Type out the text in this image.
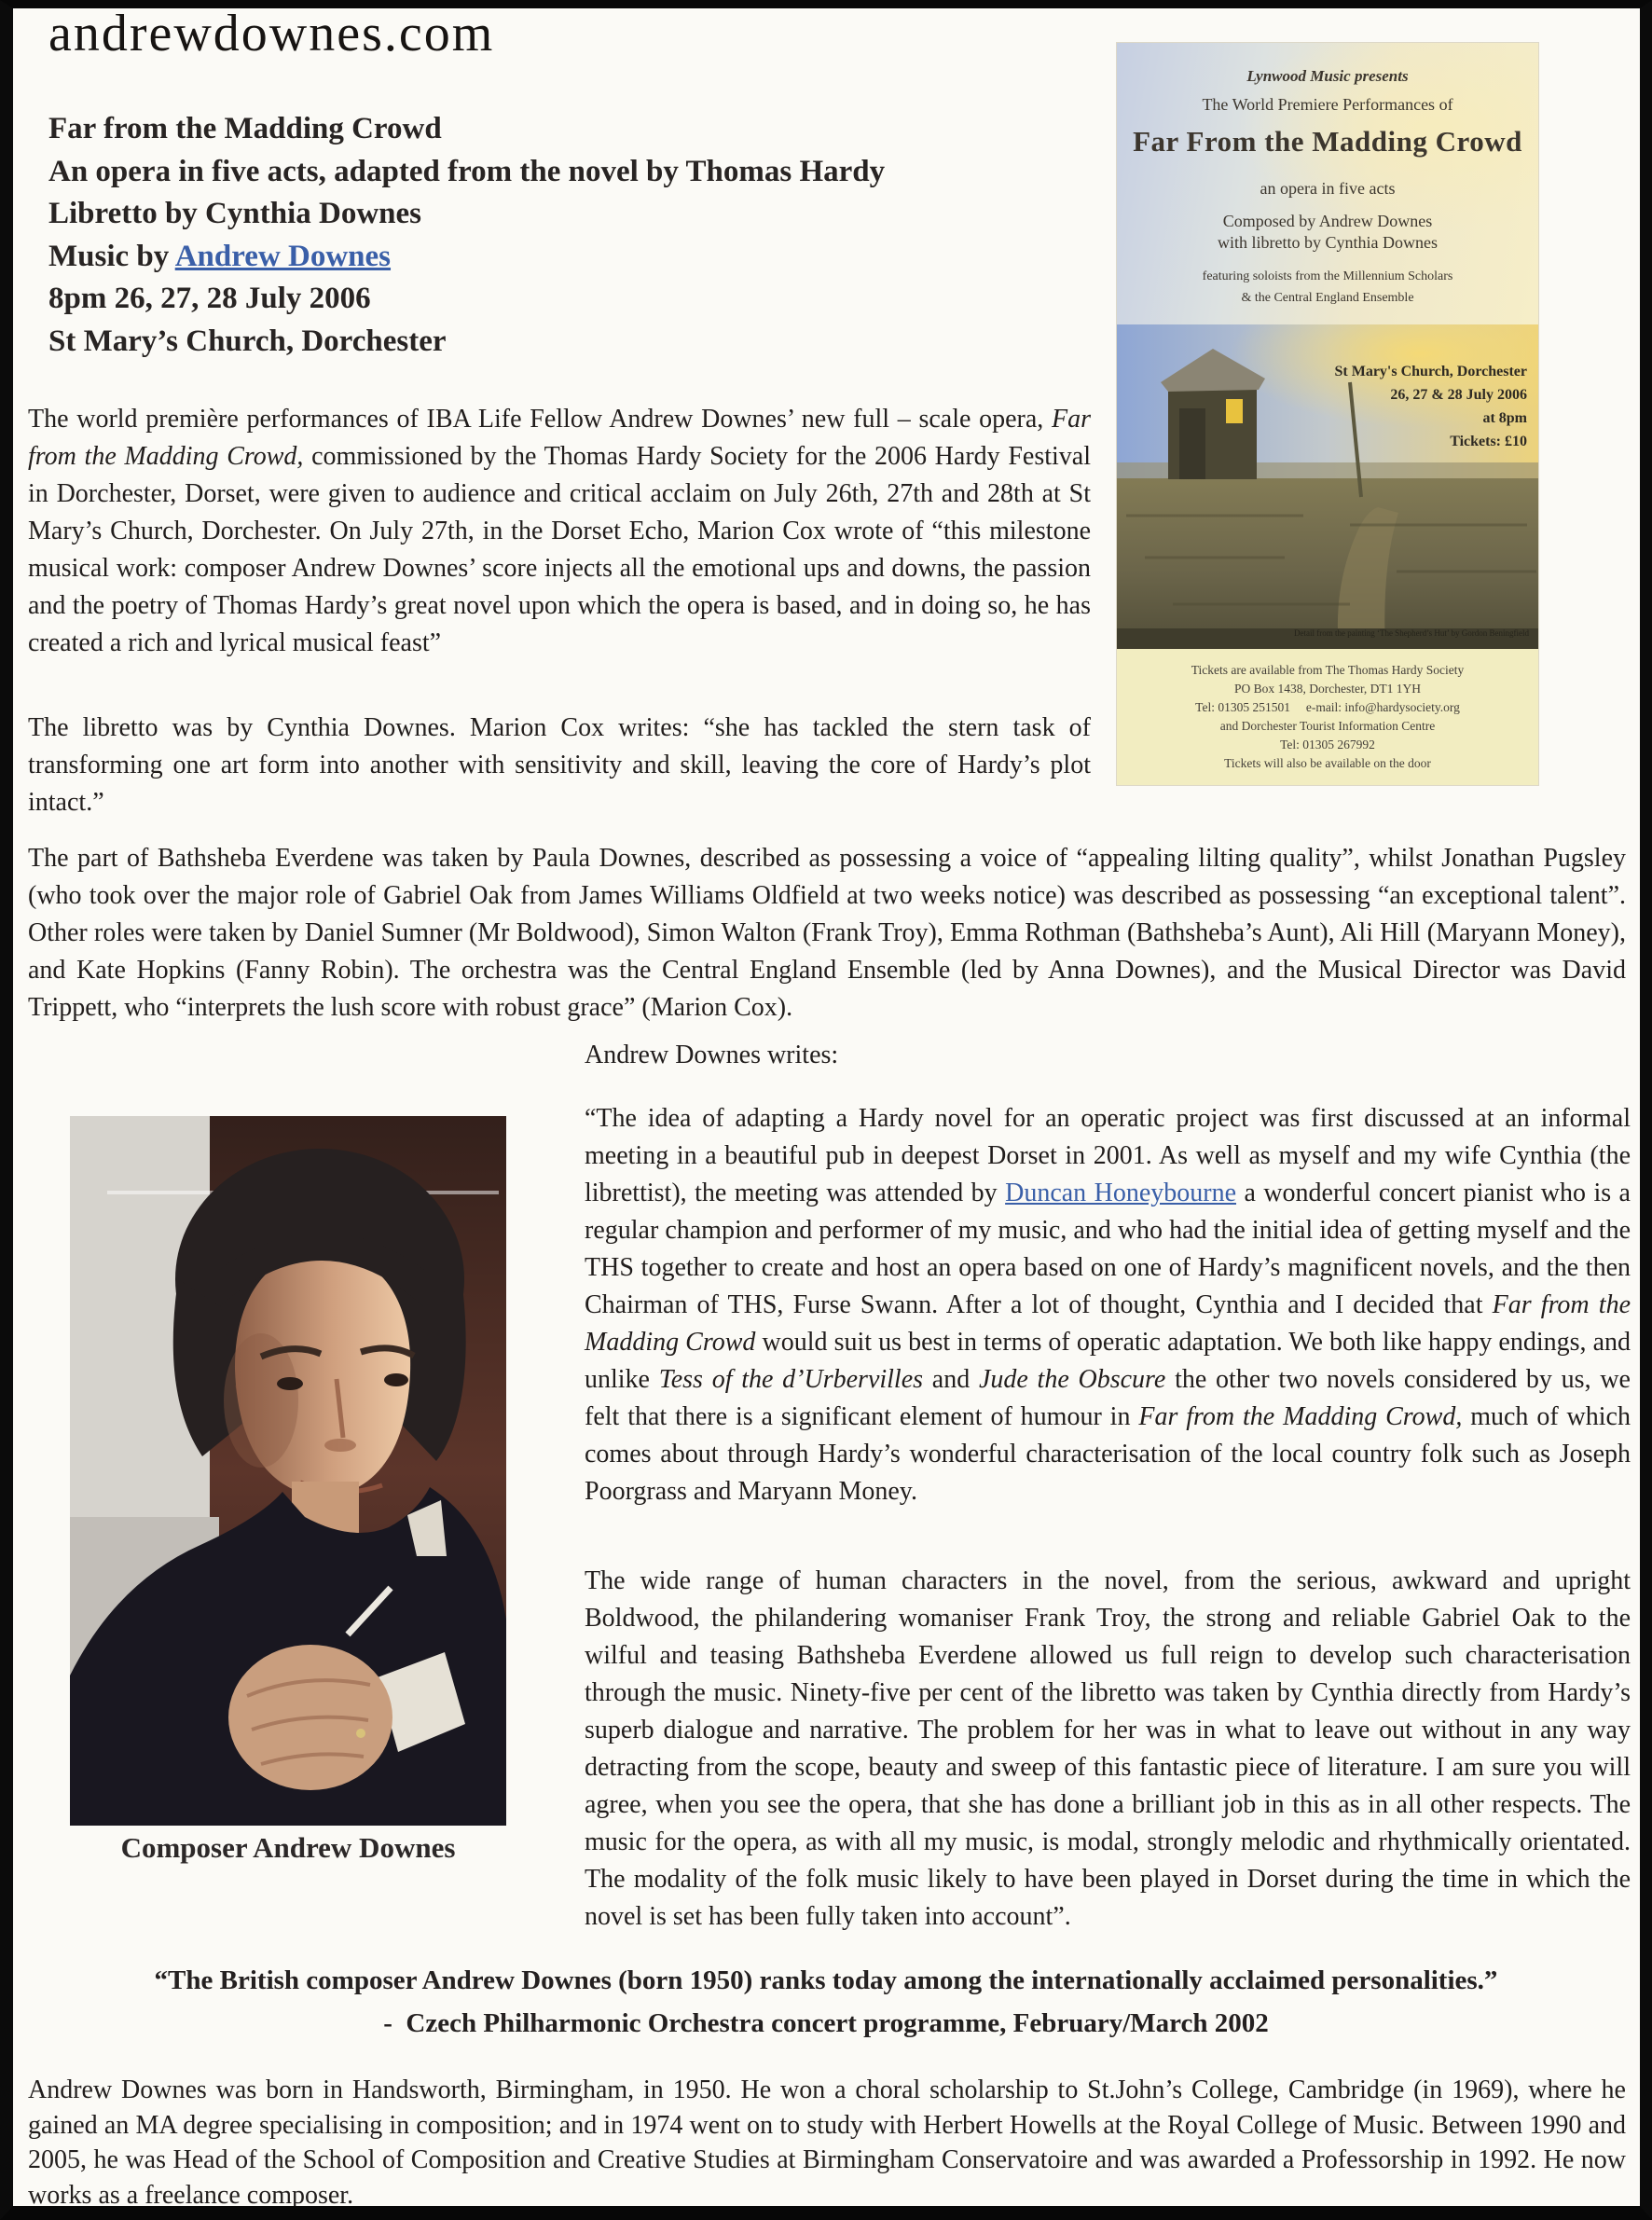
andrewdownes.com
Far from the Madding Crowd
An opera in five acts, adapted from the novel by Thomas Hardy
Libretto by Cynthia Downes
Music by Andrew Downes
8pm 26, 27, 28 July 2006
St Mary’s Church, Dorchester
Lynwood Music presents
The World Premiere Performances of
Far From the Madding Crowd
an opera in five acts
Composed by Andrew Downes
with libretto by Cynthia Downes
featuring soloists from the Millennium Scholars
& the Central England Ensemble
St Mary's Church, Dorchester
26, 27 & 28 July 2006
at 8pm
Tickets: £10
Detail from the painting ‘The Shepherd’s Hut’ by Gordon Beningfield
Tickets are available from The Thomas Hardy Society
PO Box 1438, Dorchester, DT1 1YH
Tel: 01305 251501     e-mail: info@hardysociety.org
and Dorchester Tourist Information Centre
Tel: 01305 267992
Tickets will also be available on the door
The world première performances of IBA Life Fellow Andrew Downes’ new full – scale opera, Far from the Madding Crowd, commissioned by the Thomas Hardy Society for the 2006 Hardy Festival in Dorchester, Dorset, were given to audience and critical acclaim on July 26th, 27th and 28th at St Mary’s Church, Dorchester. On July 27th, in the Dorset Echo, Marion Cox wrote of “this milestone musical work: composer Andrew Downes’ score injects all the emotional ups and downs, the passion and the poetry of Thomas Hardy’s great novel upon which the opera is based, and in doing so, he has created a rich and lyrical musical feast”
The libretto was by Cynthia Downes. Marion Cox writes: “she has tackled the stern task of transforming one art form into another with sensitivity and skill, leaving the core of Hardy’s plot intact.”
The part of Bathsheba Everdene was taken by Paula Downes, described as possessing a voice of “appealing lilting quality”, whilst Jonathan Pugsley (who took over the major role of Gabriel Oak from James Williams Oldfield at two weeks notice) was described as possessing “an exceptional talent”. Other roles were taken by Daniel Sumner (Mr Boldwood), Simon Walton (Frank Troy), Emma Rothman (Bathsheba’s Aunt), Ali Hill (Maryann Money), and Kate Hopkins (Fanny Robin). The orchestra was the Central England Ensemble (led by Anna Downes), and the Musical Director was David Trippett, who “interprets the lush score with robust grace” (Marion Cox).
Andrew Downes writes:
Composer Andrew Downes
“The idea of adapting a Hardy novel for an operatic project was first discussed at an informal meeting in a beautiful pub in deepest Dorset in 2001. As well as myself and my wife Cynthia (the librettist), the meeting was attended by Duncan Honeybourne a wonderful concert pianist who is a regular champion and performer of my music, and who had the initial idea of getting myself and the THS together to create and host an opera based on one of Hardy’s magnificent novels, and the then Chairman of THS, Furse Swann. After a lot of thought, Cynthia and I decided that Far from the Madding Crowd would suit us best in terms of operatic adaptation. We both like happy endings, and unlike Tess of the d’Urbervilles and Jude the Obscure the other two novels considered by us, we felt that there is a significant element of humour in Far from the Madding Crowd, much of which comes about through Hardy’s wonderful characterisation of the local country folk such as Joseph Poorgrass and Maryann Money.
The wide range of human characters in the novel, from the serious, awkward and upright Boldwood, the philandering womaniser Frank Troy, the strong and reliable Gabriel Oak to the wilful and teasing Bathsheba Everdene allowed us full reign to develop such characterisation through the music. Ninety-five per cent of the libretto was taken by Cynthia directly from Hardy’s superb dialogue and narrative. The problem for her was in what to leave out without in any way detracting from the scope, beauty and sweep of this fantastic piece of literature. I am sure you will agree, when you see the opera, that she has done a brilliant job in this as in all other respects. The music for the opera, as with all my music, is modal, strongly melodic and rhythmically orientated. The modality of the folk music likely to have been played in Dorset during the time in which the novel is set has been fully taken into account”.
“The British composer Andrew Downes (born 1950) ranks today among the internationally acclaimed personalities.”
-  Czech Philharmonic Orchestra concert programme, February/March 2002
Andrew Downes was born in Handsworth, Birmingham, in 1950. He won a choral scholarship to St.John’s College, Cambridge (in 1969), where he gained an MA degree specialising in composition; and in 1974 went on to study with Herbert Howells at the Royal College of Music. Between 1990 and 2005, he was Head of the School of Composition and Creative Studies at Birmingham Conservatoire and was awarded a Professorship in 1992. He now works as a freelance composer.
